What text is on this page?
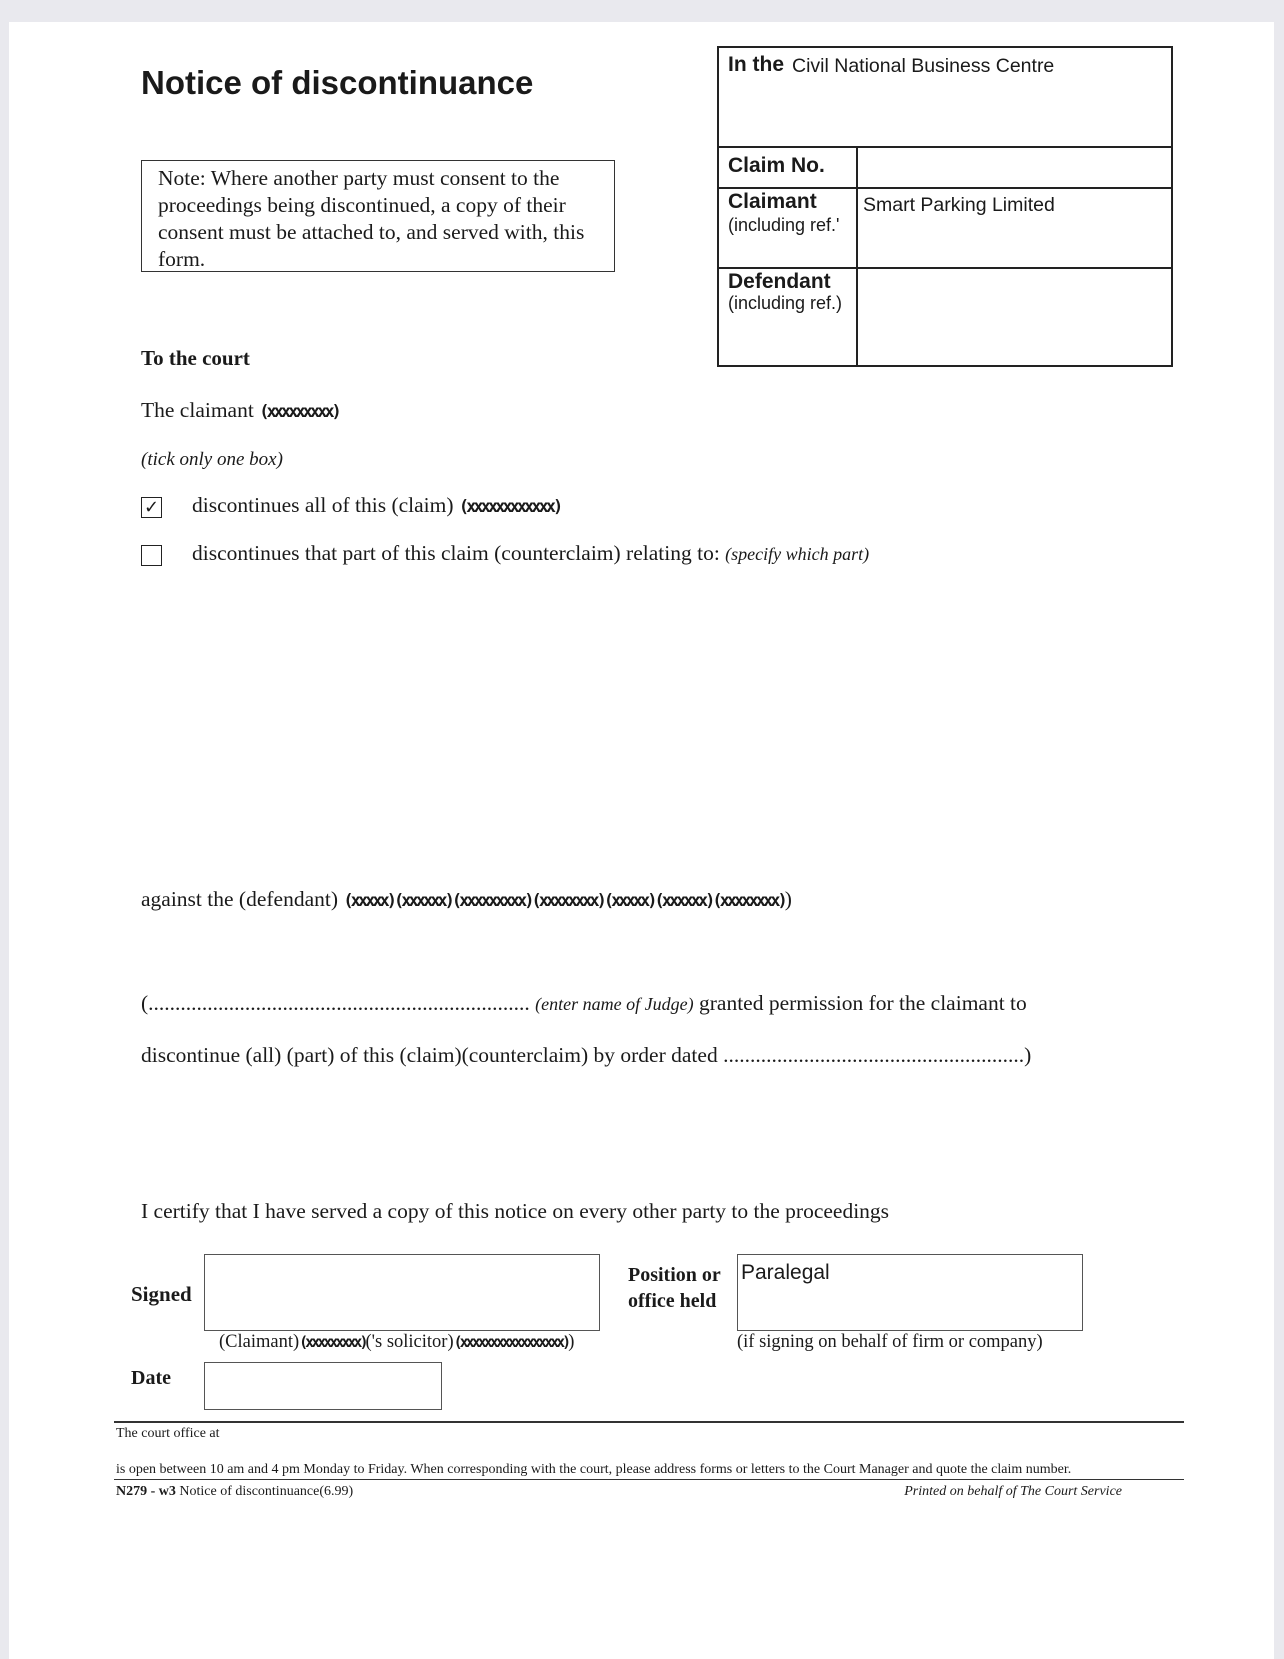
Notice of discontinuance
Note: Where another party must consent to the proceedings being discontinued, a copy of their consent must be attached to, and served with, this form.
In the Civil National Business Centre
Claim No.
Claimant
(including ref.'
Smart Parking Limited
Defendant
(including ref.)
To the court
The claimant (xxxxxxxxx)
(tick only one box)
✓ discontinues all of this (claim) (xxxxxxxxxxxx)
discontinues that part of this claim (counterclaim) relating to: (specify which part)
against the (defendant) (xxxxx)(xxxxxx)(xxxxxxxxx)(xxxxxxxx)(xxxxx)(xxxxxx)(xxxxxxxx))
(....................................................................... (enter name of Judge) granted permission for the claimant to
discontinue (all) (part) of this (claim)(counterclaim) by order dated ........................................................)
I certify that I have served a copy of this notice on every other party to the proceedings
Signed
(Claimant)(xxxxxxxxx)('s solicitor)(xxxxxxxxxxxxxxxxx))
Position or
office held
Paralegal
(if signing on behalf of firm or company)
Date
The court office at
is open between 10 am and 4 pm Monday to Friday. When corresponding with the court, please address forms or letters to the Court Manager and quote the claim number.
N279 - w3 Notice of discontinuance(6.99)	Printed on behalf of The Court Service
